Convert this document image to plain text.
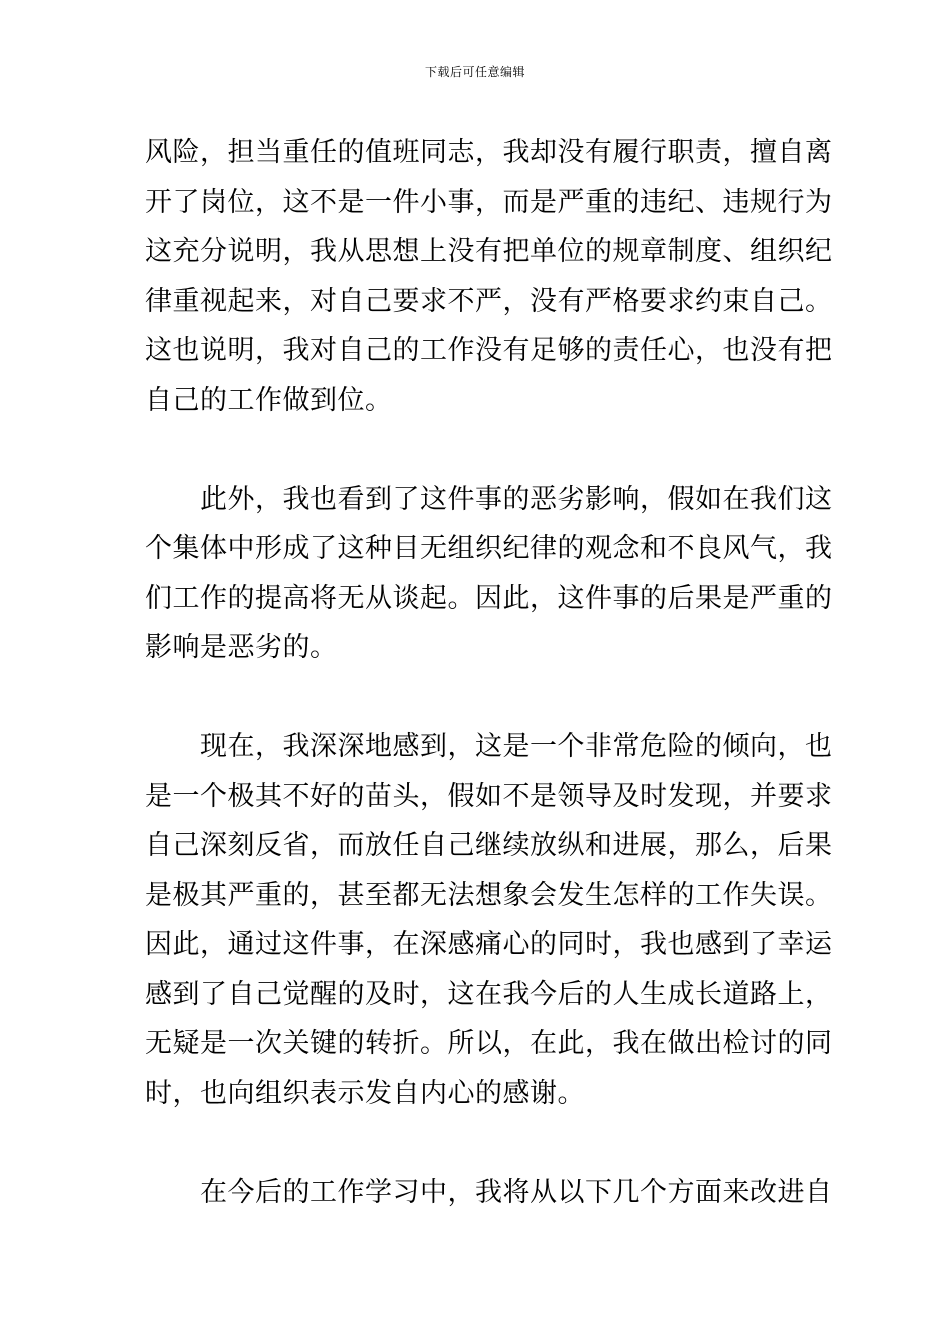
下载后可任意编辑
风险，担当重任的值班同志，我却没有履行职责，擅自离
开了岗位，这不是一件小事，而是严重的违纪、违规行为
这充分说明，我从思想上没有把单位的规章制度、组织纪
律重视起来，对自己要求不严，没有严格要求约束自己。
这也说明，我对自己的工作没有足够的责任心，也没有把
自己的工作做到位。
　　此外，我也看到了这件事的恶劣影响，假如在我们这
个集体中形成了这种目无组织纪律的观念和不良风气，我
们工作的提高将无从谈起。因此，这件事的后果是严重的
影响是恶劣的。
　　现在，我深深地感到，这是一个非常危险的倾向，也
是一个极其不好的苗头，假如不是领导及时发现，并要求
自己深刻反省，而放任自己继续放纵和进展，那么，后果
是极其严重的，甚至都无法想象会发生怎样的工作失误。
因此，通过这件事，在深感痛心的同时，我也感到了幸运
感到了自己觉醒的及时，这在我今后的人生成长道路上，
无疑是一次关键的转折。所以，在此，我在做出检讨的同
时，也向组织表示发自内心的感谢。
　　在今后的工作学习中，我将从以下几个方面来改进自
